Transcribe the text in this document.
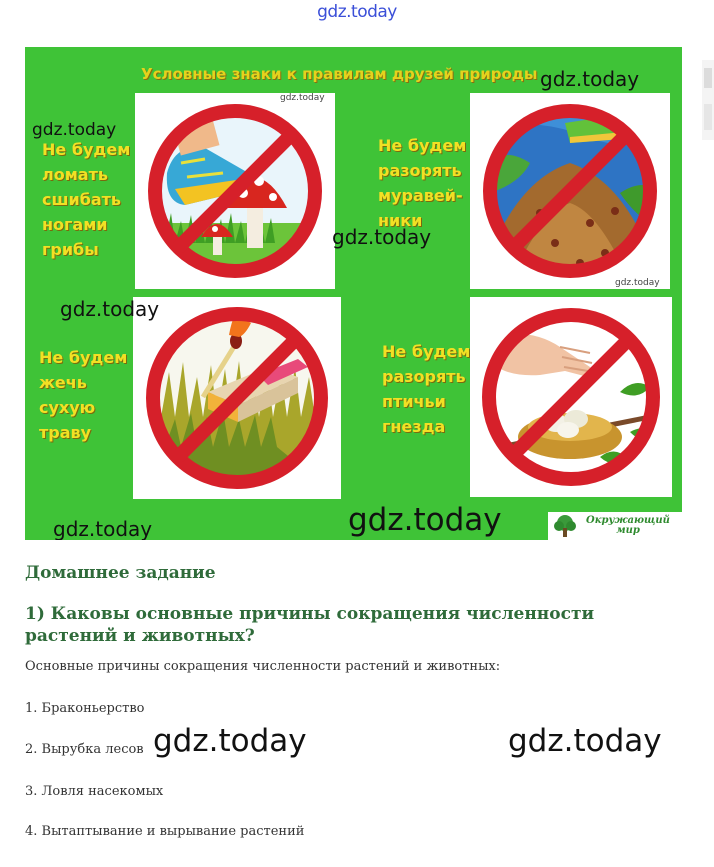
gdz.today
Условные знаки к правилам друзей природы
Не будем
ломать
сшибать
ногами
грибы
Не будем
разорять
муравей-
ники
Не будем
жечь
сухую
траву
Не будем
разорять
птичьи
гнезда
Окружающий
мир
gdz.today
gdz.today
gdz.today
gdz.today
gdz.today
gdz.today
gdz.today	gdz.today
Домашнее задание
1) Каковы основные причины сокращения численности растений и животных?
Основные причины сокращения численности растений и животных:
1. Браконьерство
2. Вырубка лесов
3. Ловля насекомых
4. Вытаптывание и вырывание растений
gdz.today	gdz.today
